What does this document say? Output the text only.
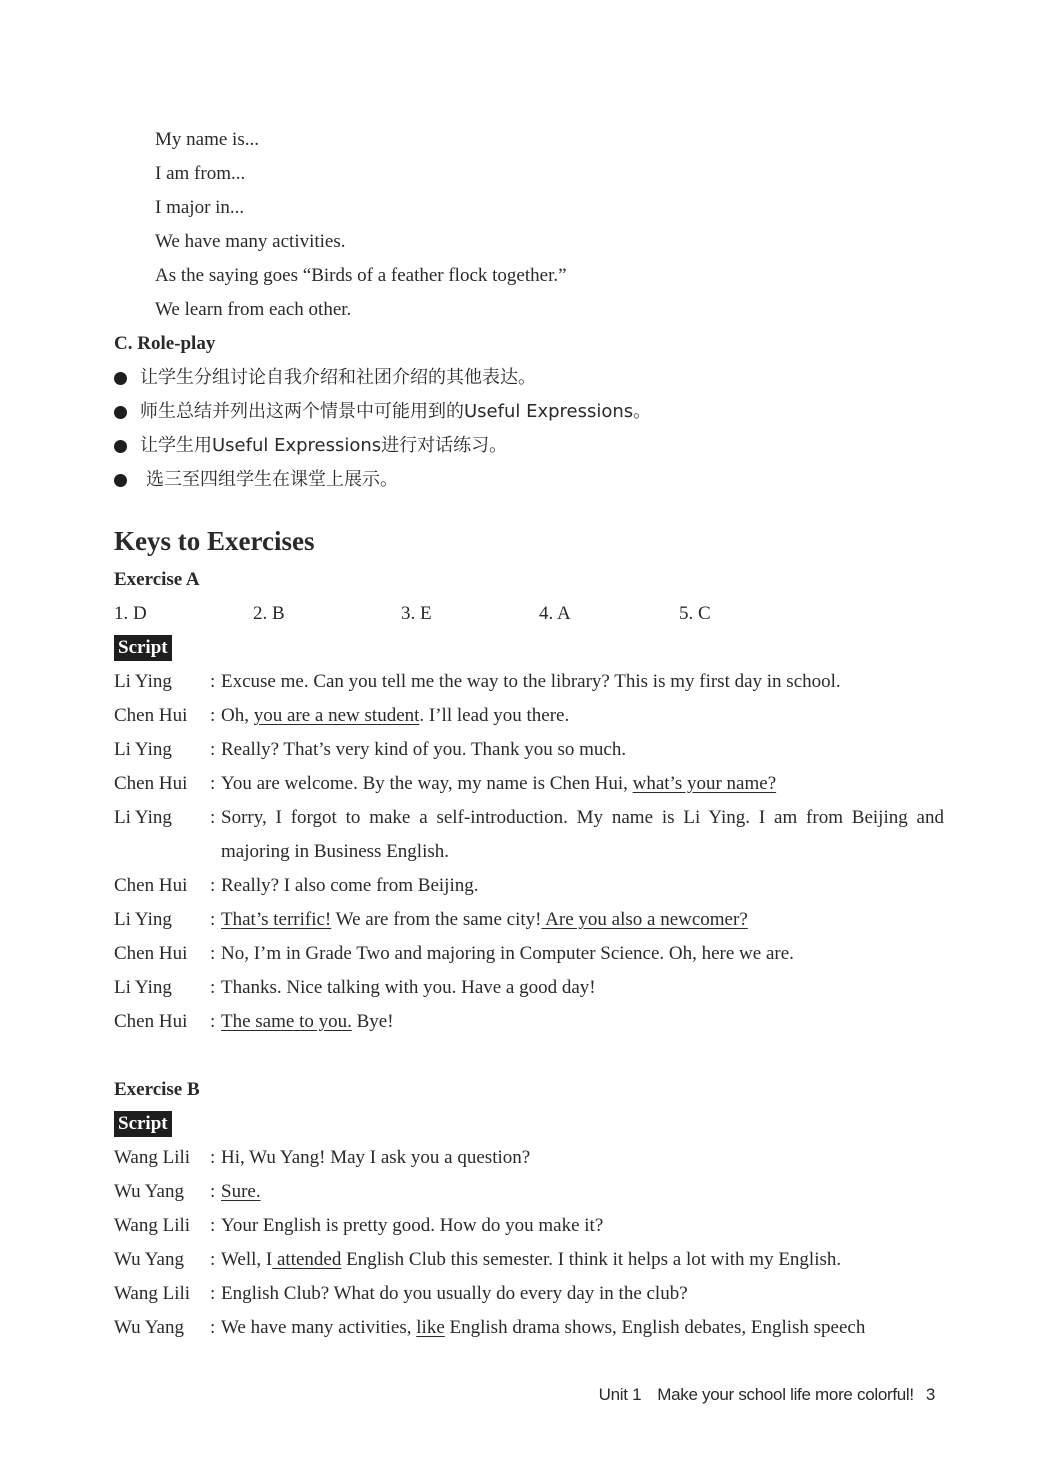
My name is...
I am from...
I major in...
We have many activities.
As the saying goes “Birds of a feather flock together.”
We learn from each other.
C. Role-play
让学生分组讨论自我介绍和社团介绍的其他表达。
师生总结并列出这两个情景中可能用到的Useful Expressions。
让学生用Useful Expressions进行对话练习。
选三至四组学生在课堂上展示。
Keys to Exercises
Exercise A
1. D	2. B	3. E	4. A	5. C
Script
Li Ying	: Excuse me. Can you tell me the way to the library? This is my first day in school.
Chen Hui	: Oh, you are a new student. I’ll lead you there.
Li Ying	: Really? That’s very kind of you. Thank you so much.
Chen Hui	: You are welcome. By the way, my name is Chen Hui, what’s your name?
Li Ying	: Sorry, I forgot to make a self-introduction. My name is Li Ying. I am from Beijing and majoring in Business English.
Chen Hui	: Really? I also come from Beijing.
Li Ying	: That’s terrific! We are from the same city! Are you also a newcomer?
Chen Hui	: No, I’m in Grade Two and majoring in Computer Science. Oh, here we are.
Li Ying	: Thanks. Nice talking with you. Have a good day!
Chen Hui	: The same to you. Bye!
Exercise B
Script
Wang Lili	: Hi, Wu Yang! May I ask you a question?
Wu Yang	: Sure.
Wang Lili	: Your English is pretty good. How do you make it?
Wu Yang	: Well, I attended English Club this semester. I think it helps a lot with my English.
Wang Lili	: English Club? What do you usually do every day in the club?
Wu Yang	: We have many activities, like English drama shows, English debates, English speech
Unit 1 Make your school life more colorful! 3
